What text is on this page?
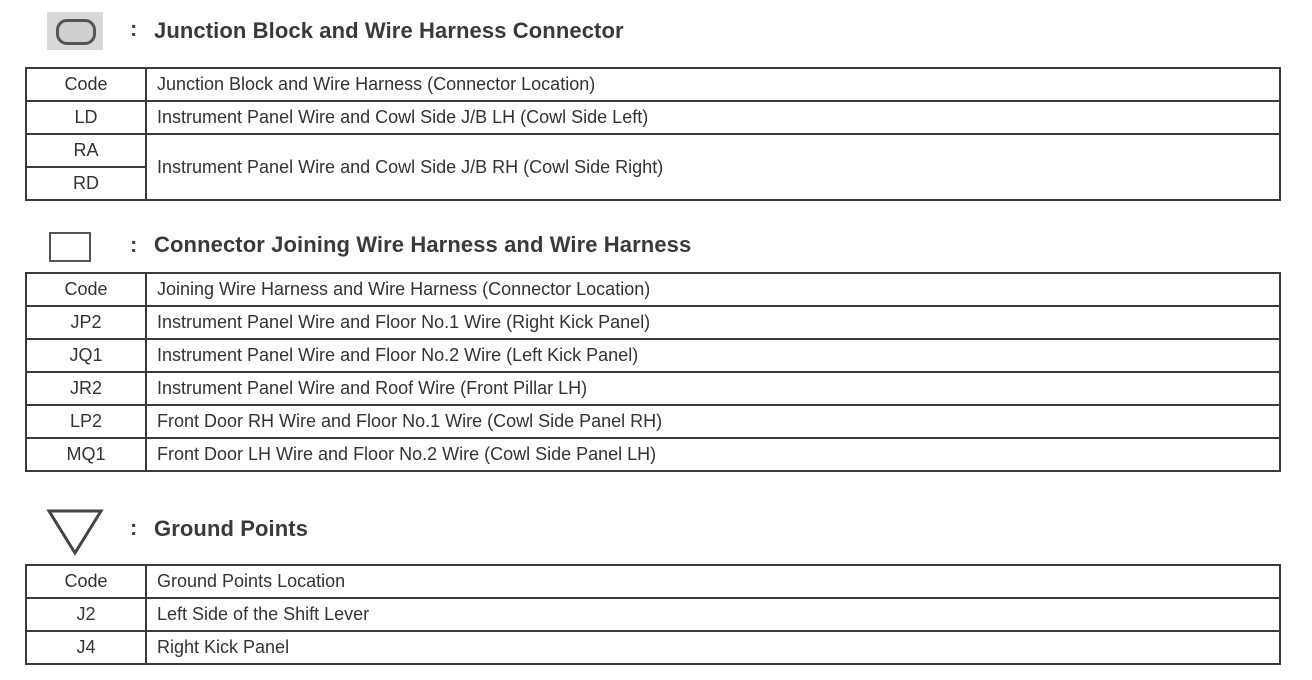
: Junction Block and Wire Harness Connector
Code	Junction Block and Wire Harness (Connector Location)
LD	Instrument Panel Wire and Cowl Side J/B LH (Cowl Side Left)
RA	Instrument Panel Wire and Cowl Side J/B RH (Cowl Side Right)
RD	
: Connector Joining Wire Harness and Wire Harness
Code	Joining Wire Harness and Wire Harness (Connector Location)
JP2	Instrument Panel Wire and Floor No.1 Wire (Right Kick Panel)
JQ1	Instrument Panel Wire and Floor No.2 Wire (Left Kick Panel)
JR2	Instrument Panel Wire and Roof Wire (Front Pillar LH)
LP2	Front Door RH Wire and Floor No.1 Wire (Cowl Side Panel RH)
MQ1	Front Door LH Wire and Floor No.2 Wire (Cowl Side Panel LH)
: Ground Points
Code	Ground Points Location
J2	Left Side of the Shift Lever
J4	Right Kick Panel
